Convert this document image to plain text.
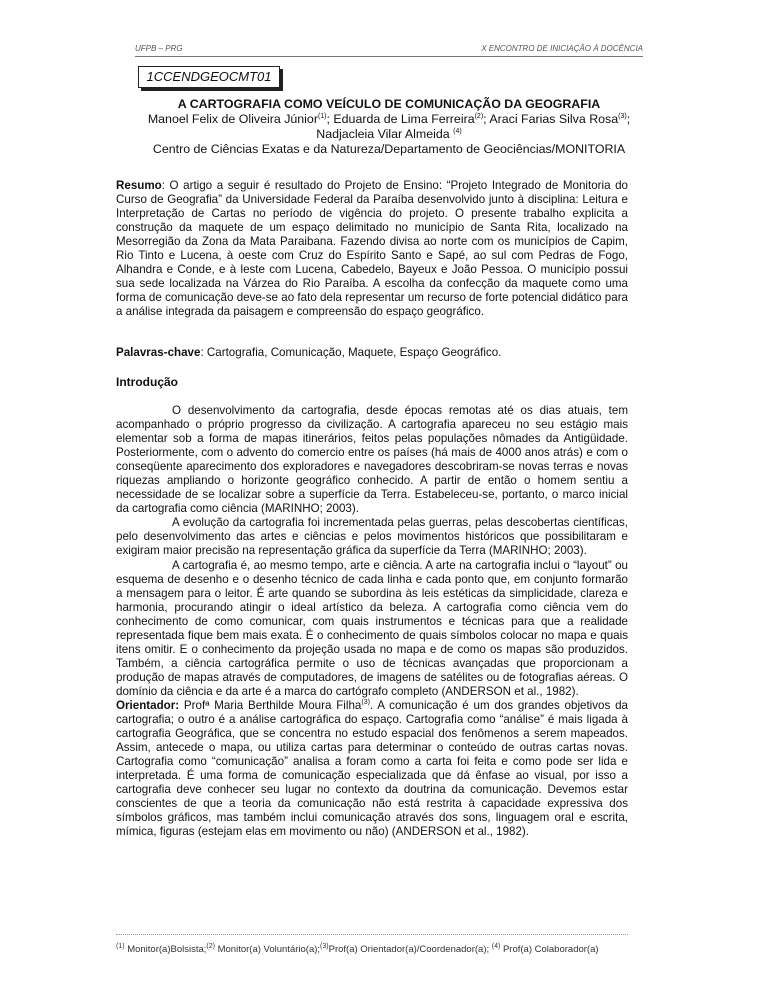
UFPB – PRG	X ENCONTRO DE INICIAÇÃO À DOCÊNCIA
1CCENDGEOCMT01
A CARTOGRAFIA COMO VEÍCULO DE COMUNICAÇÃO DA GEOGRAFIA
Manoel Felix de Oliveira Júnior$^{(1)}$; Eduarda de Lima Ferreira$^{(2)}$; Araci Farias Silva Rosa$^{(3)}$;
Nadjacleia Vilar Almeida $^{(4)}$
Centro de Ciências Exatas e da Natureza/Departamento de Geociências/MONITORIA

Resumo: O artigo a seguir é resultado do Projeto de Ensino: “Projeto Integrado de Monitoria do Curso de Geografia” da Universidade Federal da Paraíba desenvolvido junto à disciplina: Leitura e Interpretação de Cartas no período de vigência do projeto. O presente trabalho explicita a construção da maquete de um espaço delimitado no município de Santa Rita, localizado na Mesorregião da Zona da Mata Paraibana. Fazendo divisa ao norte com os municípios de Capim, Rio Tinto e Lucena, à oeste com Cruz do Espírito Santo e Sapé, ao sul com Pedras de Fogo, Alhandra e Conde, e à leste com Lucena, Cabedelo, Bayeux e João Pessoa. O município possui sua sede localizada na Várzea do Rio Paraíba. A escolha da confecção da maquete como uma forma de comunicação deve-se ao fato dela representar um recurso de forte potencial didático para a análise integrada da paisagem e compreensão do espaço geográfico.

Palavras-chave: Cartografia, Comunicação, Maquete, Espaço Geográfico.

Introdução

O desenvolvimento da cartografia, desde épocas remotas até os dias atuais, tem acompanhado o próprio progresso da civilização. A cartografia apareceu no seu estágio mais elementar sob a forma de mapas itinerários, feitos pelas populações nômades da Antigüidade. Posteriormente, com o advento do comercio entre os países (há mais de 4000 anos atrás) e com o conseqüente aparecimento dos exploradores e navegadores descobriram-se novas terras e novas riquezas ampliando o horizonte geográfico conhecido. A partir de então o homem sentiu a necessidade de se localizar sobre a superfície da Terra. Estabeleceu-se, portanto, o marco inicial da cartografia como ciência (MARINHO; 2003).

A evolução da cartografia foi incrementada pelas guerras, pelas descobertas científicas, pelo desenvolvimento das artes e ciências e pelos movimentos históricos que possibilitaram e exigiram maior precisão na representação gráfica da superfície da Terra (MARINHO; 2003).

A cartografia é, ao mesmo tempo, arte e ciência. A arte na cartografia inclui o “layout” ou esquema de desenho e o desenho técnico de cada linha e cada ponto que, em conjunto formarão a mensagem para o leitor. É arte quando se subordina às leis estéticas da simplicidade, clareza e harmonia, procurando atingir o ideal artístico da beleza. A cartografia como ciência vem do conhecimento de como comunicar, com quais instrumentos e técnicas para que a realidade representada fique bem mais exata. É o conhecimento de quais símbolos colocar no mapa e quais itens omitir. E o conhecimento da projeção usada no mapa e de como os mapas são produzidos. Também, a ciência cartográfica permite o uso de técnicas avançadas que proporcionam a produção de mapas através de computadores, de imagens de satélites ou de fotografias aéreas. O domínio da ciência e da arte é a marca do cartógrafo completo (ANDERSON et al., 1982).

Orientador: Profª Maria Berthilde Moura Filha$^{(3)}$. A comunicação é um dos grandes objetivos da cartografia; o outro é a análise cartográfica do espaço. Cartografia como “análise” é mais ligada à cartografia Geográfica, que se concentra no estudo espacial dos fenômenos a serem mapeados. Assim, antecede o mapa, ou utiliza cartas para determinar o conteúdo de outras cartas novas. Cartografia como “comunicação” analisa a foram como a carta foi feita e como pode ser lida e interpretada. É uma forma de comunicação especializada que dá ênfase ao visual, por isso a cartografia deve conhecer seu lugar no contexto da doutrina da comunicação. Devemos estar conscientes de que a teoria da comunicação não está restrita à capacidade expressiva dos símbolos gráficos, mas também inclui comunicação através dos sons, linguagem oral e escrita, mímica, figuras (estejam elas em movimento ou não) (ANDERSON et al., 1982).

$^{(1)}$ Monitor(a)Bolsista;$^{(2)}$ Monitor(a) Voluntário(a);$^{(3)}$Prof(a) Orientador(a)/Coordenador(a); $^{(4)}$ Prof(a) Colaborador(a)
